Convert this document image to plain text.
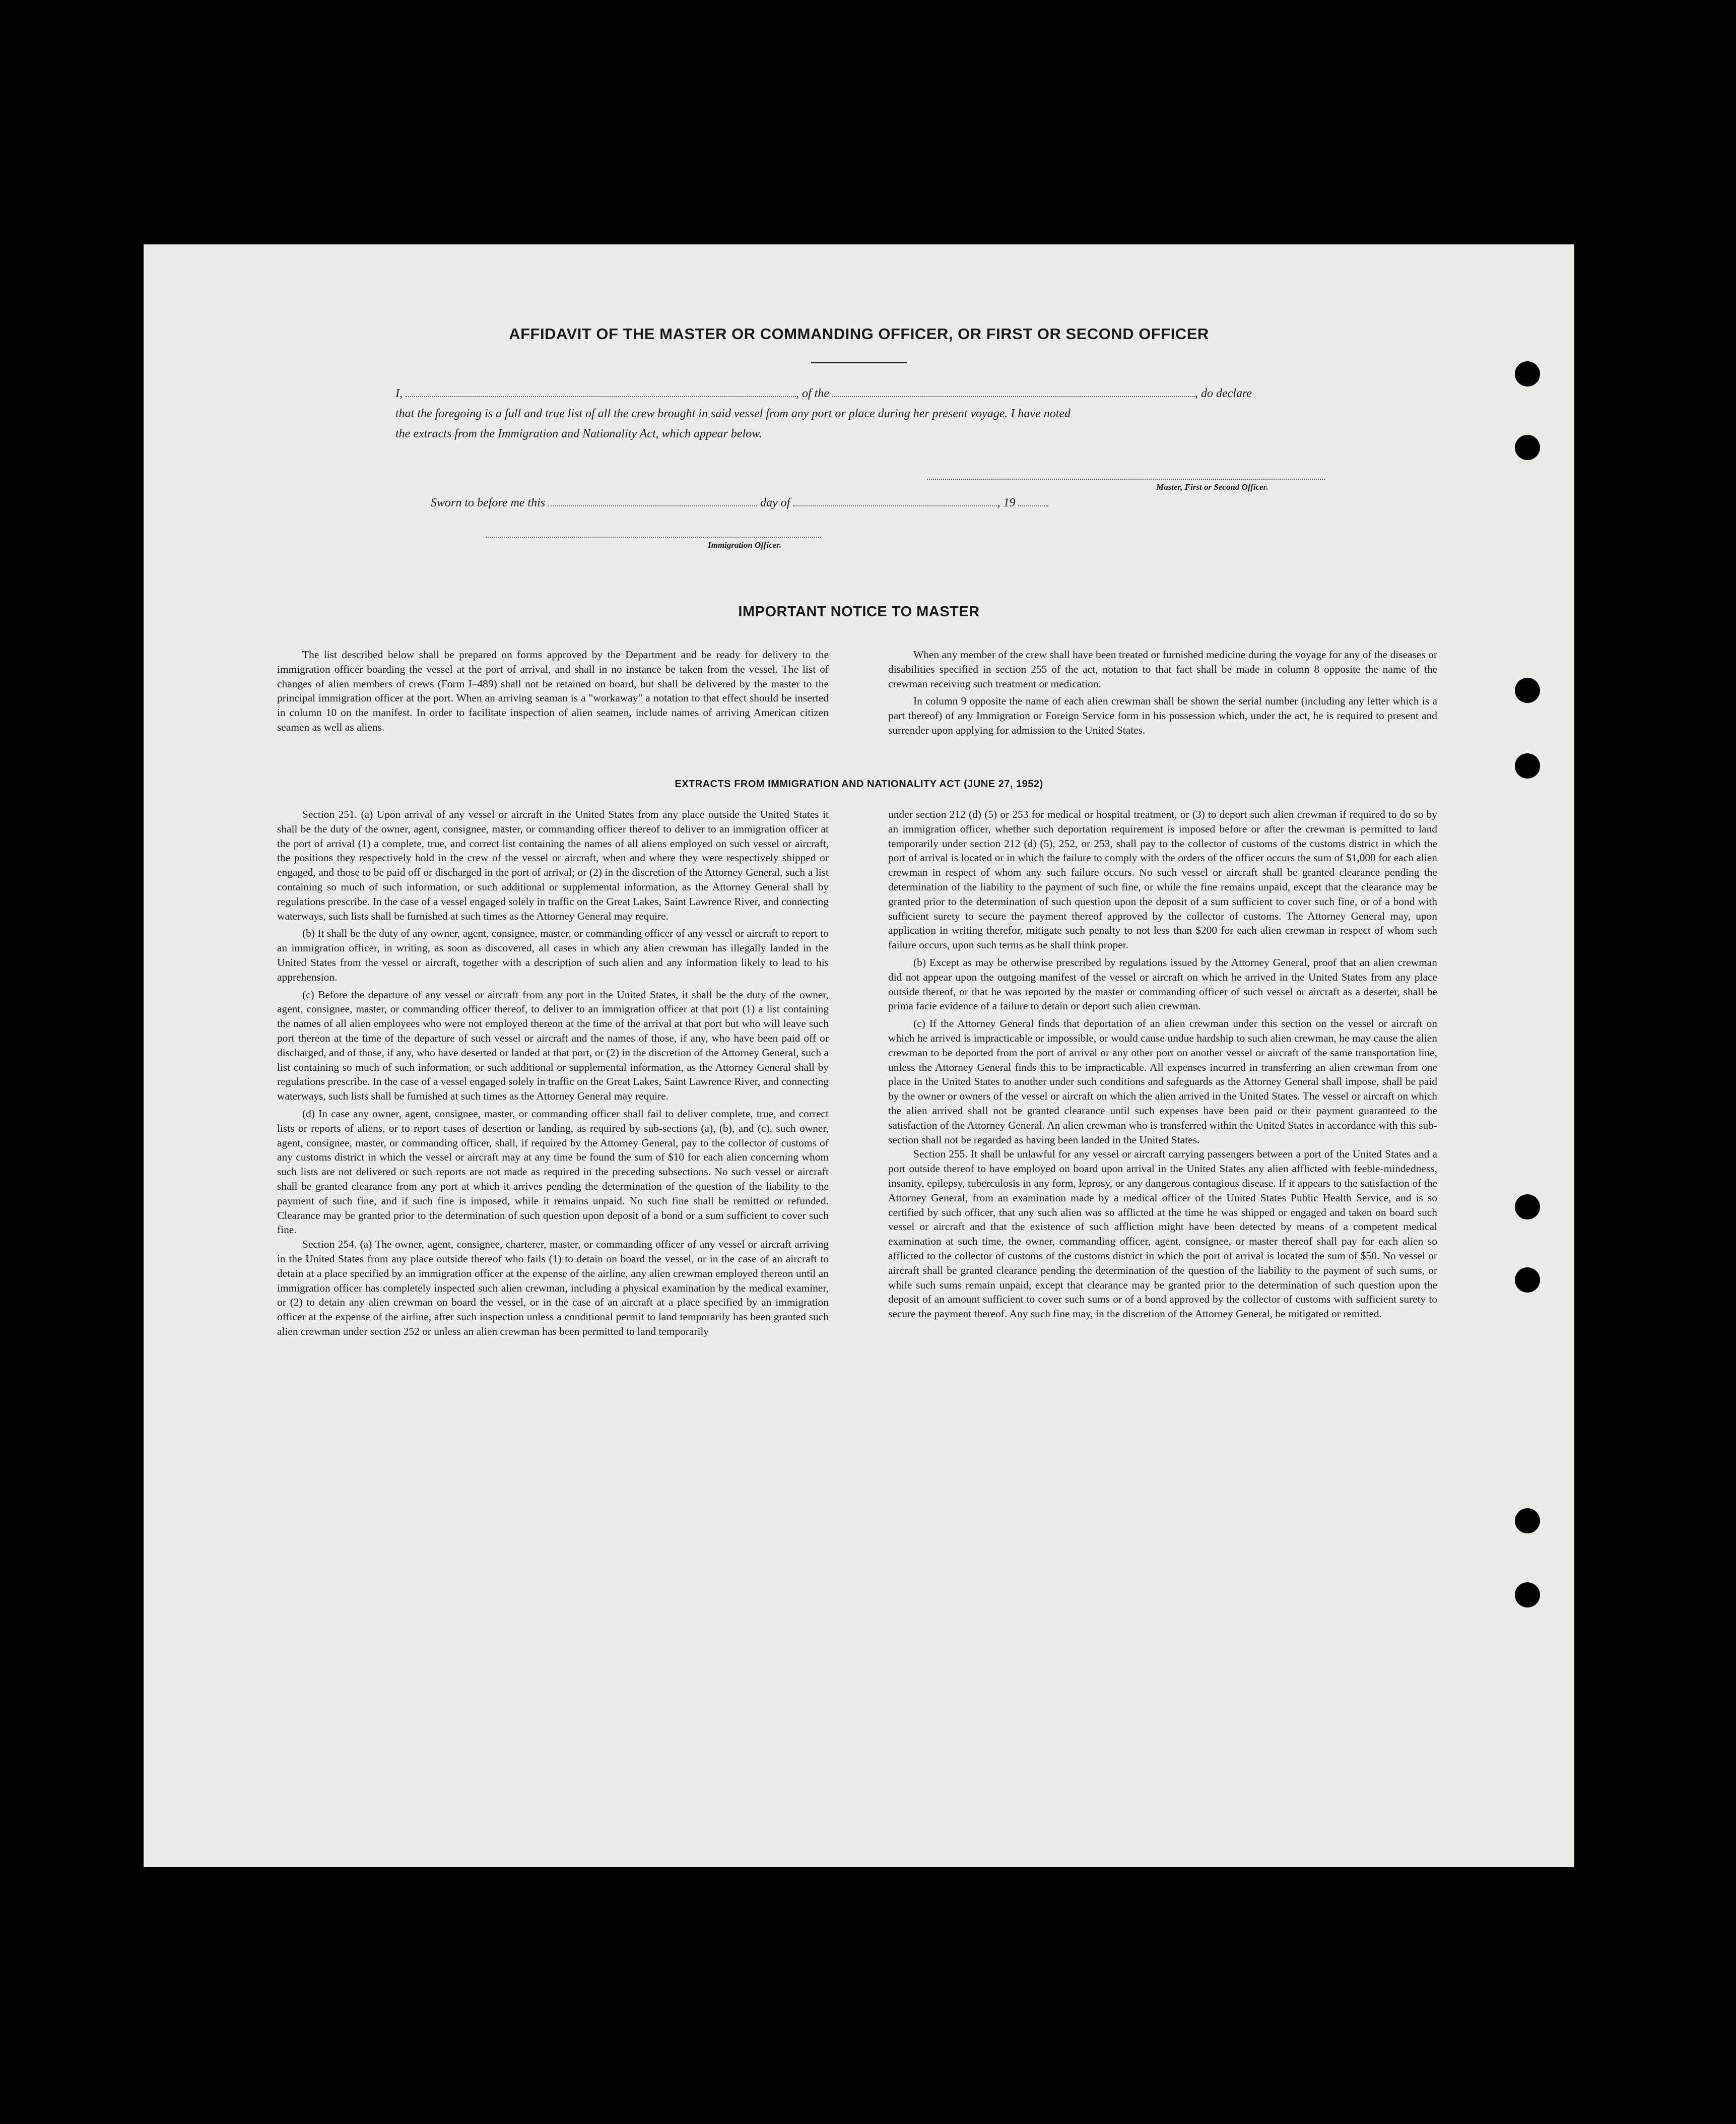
AFFIDAVIT OF THE MASTER OR COMMANDING OFFICER, OR FIRST OR SECOND OFFICER
I,	, of the	, do declare
that the foregoing is a full and true list of all the crew brought in said vessel from any port or place during her present voyage. I have noted
the extracts from the Immigration and Nationality Act, which appear below.
Master, First or Second Officer.
Sworn to before me this	day of	, 19
Immigration Officer.
IMPORTANT NOTICE TO MASTER

The list described below shall be prepared on forms approved by the Department and be ready for delivery to the immigration officer boarding the vessel at the port of arrival, and shall in no instance be taken from the vessel. The list of changes of alien members of crews (Form I–489) shall not be retained on board, but shall be delivered by the master to the principal immigration officer at the port. When an arriving seaman is a "workaway" a notation to that effect should be inserted in column 10 on the manifest. In order to facilitate inspection of alien seamen, include names of arriving American citizen seamen as well as aliens.

When any member of the crew shall have been treated or furnished medicine during the voyage for any of the diseases or disabilities specified in section 255 of the act, notation to that fact shall be made in column 8 opposite the name of the crewman receiving such treatment or medication.

In column 9 opposite the name of each alien crewman shall be shown the serial number (including any letter which is a part thereof) of any Immigration or Foreign Service form in his possession which, under the act, he is required to present and surrender upon applying for admission to the United States.

EXTRACTS FROM IMMIGRATION AND NATIONALITY ACT (JUNE 27, 1952)

Section 251. (a) Upon arrival of any vessel or aircraft in the United States from any place outside the United States it shall be the duty of the owner, agent, consignee, master, or commanding officer thereof to deliver to an immigration officer at the port of arrival (1) a complete, true, and correct list containing the names of all aliens employed on such vessel or aircraft, the positions they respectively hold in the crew of the vessel or aircraft, when and where they were respectively shipped or engaged, and those to be paid off or discharged in the port of arrival; or (2) in the discretion of the Attorney General, such a list containing so much of such information, or such additional or supplemental information, as the Attorney General shall by regulations prescribe. In the case of a vessel engaged solely in traffic on the Great Lakes, Saint Lawrence River, and connecting waterways, such lists shall be furnished at such times as the Attorney General may require.

(b) It shall be the duty of any owner, agent, consignee, master, or commanding officer of any vessel or aircraft to report to an immigration officer, in writing, as soon as discovered, all cases in which any alien crewman has illegally landed in the United States from the vessel or aircraft, together with a description of such alien and any information likely to lead to his apprehension.

(c) Before the departure of any vessel or aircraft from any port in the United States, it shall be the duty of the owner, agent, consignee, master, or commanding officer thereof, to deliver to an immigration officer at that port (1) a list containing the names of all alien employees who were not employed thereon at the time of the arrival at that port but who will leave such port thereon at the time of the departure of such vessel or aircraft and the names of those, if any, who have been paid off or discharged, and of those, if any, who have deserted or landed at that port, or (2) in the discretion of the Attorney General, such a list containing so much of such information, or such additional or supplemental information, as the Attorney General shall by regulations prescribe. In the case of a vessel engaged solely in traffic on the Great Lakes, Saint Lawrence River, and connecting waterways, such lists shall be furnished at such times as the Attorney General may require.

(d) In case any owner, agent, consignee, master, or commanding officer shall fail to deliver complete, true, and correct lists or reports of aliens, or to report cases of desertion or landing, as required by sub-sections (a), (b), and (c), such owner, agent, consignee, master, or commanding officer, shall, if required by the Attorney General, pay to the collector of customs of any customs district in which the vessel or aircraft may at any time be found the sum of $10 for each alien concerning whom such lists are not delivered or such reports are not made as required in the preceding subsections. No such vessel or aircraft shall be granted clearance from any port at which it arrives pending the determination of the question of the liability to the payment of such fine, and if such fine is imposed, while it remains unpaid. No such fine shall be remitted or refunded. Clearance may be granted prior to the determination of such question upon deposit of a bond or a sum sufficient to cover such fine.

Section 254. (a) The owner, agent, consignee, charterer, master, or commanding officer of any vessel or aircraft arriving in the United States from any place outside thereof who fails (1) to detain on board the vessel, or in the case of an aircraft to detain at a place specified by an immigration officer at the expense of the airline, any alien crewman employed thereon until an immigration officer has completely inspected such alien crewman, including a physical examination by the medical examiner, or (2) to detain any alien crewman on board the vessel, or in the case of an aircraft at a place specified by an immigration officer at the expense of the airline, after such inspection unless a conditional permit to land temporarily has been granted such alien crewman under section 252 or unless an alien crewman has been permitted to land temporarily

under section 212 (d) (5) or 253 for medical or hospital treatment, or (3) to deport such alien crewman if required to do so by an immigration officer, whether such deportation requirement is imposed before or after the crewman is permitted to land temporarily under section 212 (d) (5), 252, or 253, shall pay to the collector of customs of the customs district in which the port of arrival is located or in which the failure to comply with the orders of the officer occurs the sum of $1,000 for each alien crewman in respect of whom any such failure occurs. No such vessel or aircraft shall be granted clearance pending the determination of the liability to the payment of such fine, or while the fine remains unpaid, except that the clearance may be granted prior to the determination of such question upon the deposit of a sum sufficient to cover such fine, or of a bond with sufficient surety to secure the payment thereof approved by the collector of customs. The Attorney General may, upon application in writing therefor, mitigate such penalty to not less than $200 for each alien crewman in respect of whom such failure occurs, upon such terms as he shall think proper.

(b) Except as may be otherwise prescribed by regulations issued by the Attorney General, proof that an alien crewman did not appear upon the outgoing manifest of the vessel or aircraft on which he arrived in the United States from any place outside thereof, or that he was reported by the master or commanding officer of such vessel or aircraft as a deserter, shall be prima facie evidence of a failure to detain or deport such alien crewman.

(c) If the Attorney General finds that deportation of an alien crewman under this section on the vessel or aircraft on which he arrived is impracticable or impossible, or would cause undue hardship to such alien crewman, he may cause the alien crewman to be deported from the port of arrival or any other port on another vessel or aircraft of the same transportation line, unless the Attorney General finds this to be impracticable. All expenses incurred in transferring an alien crewman from one place in the United States to another under such conditions and safeguards as the Attorney General shall impose, shall be paid by the owner or owners of the vessel or aircraft on which the alien arrived in the United States. The vessel or aircraft on which the alien arrived shall not be granted clearance until such expenses have been paid or their payment guaranteed to the satisfaction of the Attorney General. An alien crewman who is transferred within the United States in accordance with this sub-section shall not be regarded as having been landed in the United States.

Section 255. It shall be unlawful for any vessel or aircraft carrying passengers between a port of the United States and a port outside thereof to have employed on board upon arrival in the United States any alien afflicted with feeble-mindedness, insanity, epilepsy, tuberculosis in any form, leprosy, or any dangerous contagious disease. If it appears to the satisfaction of the Attorney General, from an examination made by a medical officer of the United States Public Health Service, and is so certified by such officer, that any such alien was so afflicted at the time he was shipped or engaged and taken on board such vessel or aircraft and that the existence of such affliction might have been detected by means of a competent medical examination at such time, the owner, commanding officer, agent, consignee, or master thereof shall pay for each alien so afflicted to the collector of customs of the customs district in which the port of arrival is located the sum of $50. No vessel or aircraft shall be granted clearance pending the determination of the question of the liability to the payment of such sums, or while such sums remain unpaid, except that clearance may be granted prior to the determination of such question upon the deposit of an amount sufficient to cover such sums or of a bond approved by the collector of customs with sufficient surety to secure the payment thereof. Any such fine may, in the discretion of the Attorney General, be mitigated or remitted.
